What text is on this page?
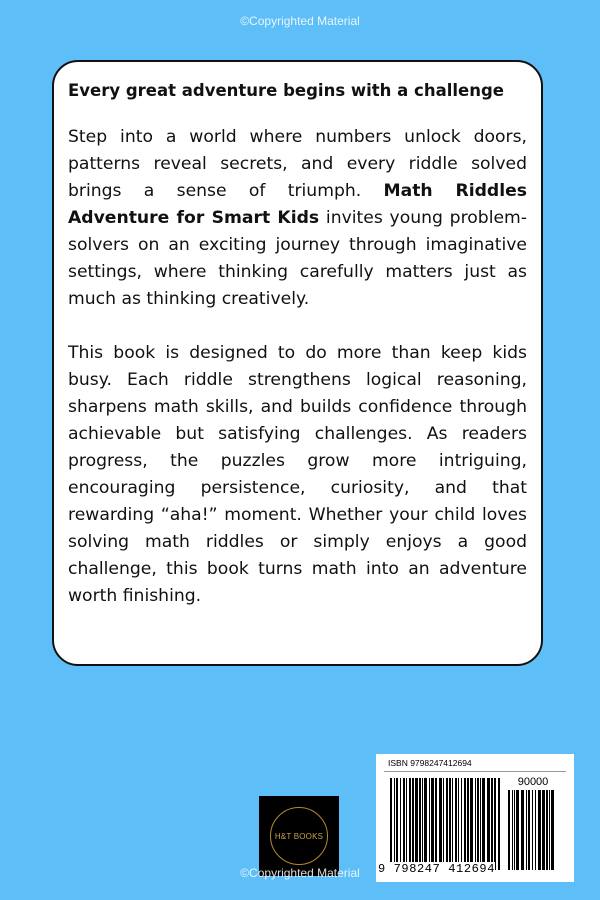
©Copyrighted Material

Every great adventure begins with a challenge

Step into a world where numbers unlock doors, patterns reveal secrets, and every riddle solved brings a sense of triumph. Math Riddles Adventure for Smart Kids invites young problem-solvers on an exciting journey through imaginative settings, where thinking carefully matters just as much as thinking creatively.

This book is designed to do more than keep kids busy. Each riddle strengthens logical reasoning, sharpens math skills, and builds confidence through achievable but satisfying challenges. As readers progress, the puzzles grow more intriguing, encouraging persistence, curiosity, and that rewarding “aha!” moment. Whether your child loves solving math riddles or simply enjoys a good challenge, this book turns math into an adventure worth finishing.

H&T BOOKS
ISBN 9798247412694
90000
9 798247 412694
©Copyrighted Material
